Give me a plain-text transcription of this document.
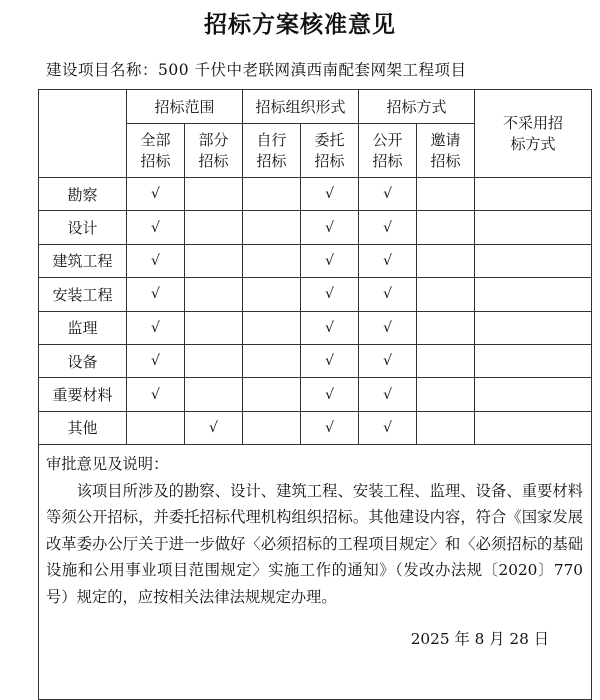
招标方案核准意见
建设项目名称：500 千伏中老联网滇西南配套网架工程项目
	招标范围		招标组织形式		招标方式		不采用招标方式
	全部招标	部分招标	自行招标	委托招标	公开招标	邀请招标	
勘察	√			√	√		
设计	√			√	√		
建筑工程	√			√	√		
安装工程	√			√	√		
监理	√			√	√		
设备	√			√	√		
重要材料	√			√	√		
其他		√		√	√		

审批意见及说明：
该项目所涉及的勘察、设计、建筑工程、安装工程、监理、设备、重要材料等须公开招标，并委托招标代理机构组织招标。其他建设内容，符合《国家发展改革委办公厅关于进一步做好〈必须招标的工程项目规定〉和〈必须招标的基础设施和公用事业项目范围规定〉实施工作的通知》（发改办法规〔2020〕770 号）规定的，应按相关法律法规规定办理。
2025 年 8 月 28 日							
